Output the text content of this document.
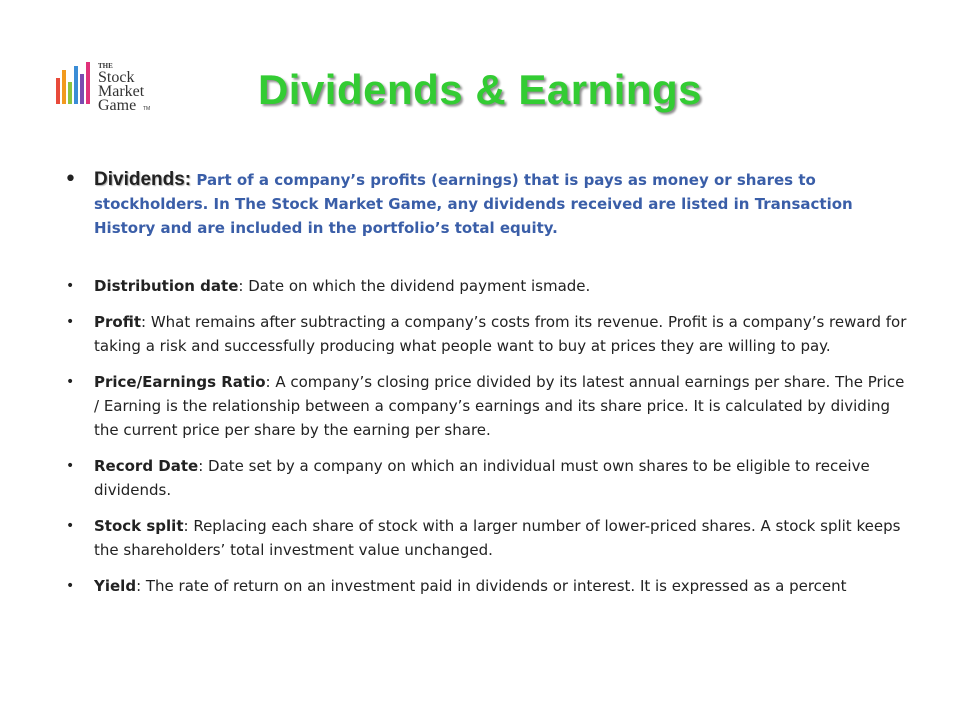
THE
Stock
Market
Game TM	Dividends & Earnings
• Dividends: Part of a company’s profits (earnings) that is pays as money or shares to stockholders. In The Stock Market Game, any dividends received are listed in Transaction History and are included in the portfolio’s total equity.
• Distribution date: Date on which the dividend payment ismade.
• Profit: What remains after subtracting a company’s costs from its revenue. Profit is a company’s reward for taking a risk and successfully producing what people want to buy at prices they are willing to pay.
• Price/Earnings Ratio: A company’s closing price divided by its latest annual earnings per share. The Price / Earning is the relationship between a company’s earnings and its share price. It is calculated by dividing the current price per share by the earning per share.
• Record Date: Date set by a company on which an individual must own shares to be eligible to receive dividends.
• Stock split: Replacing each share of stock with a larger number of lower-priced shares. A stock split keeps the shareholders’ total investment value unchanged.
• Yield: The rate of return on an investment paid in dividends or interest. It is expressed as a percent
